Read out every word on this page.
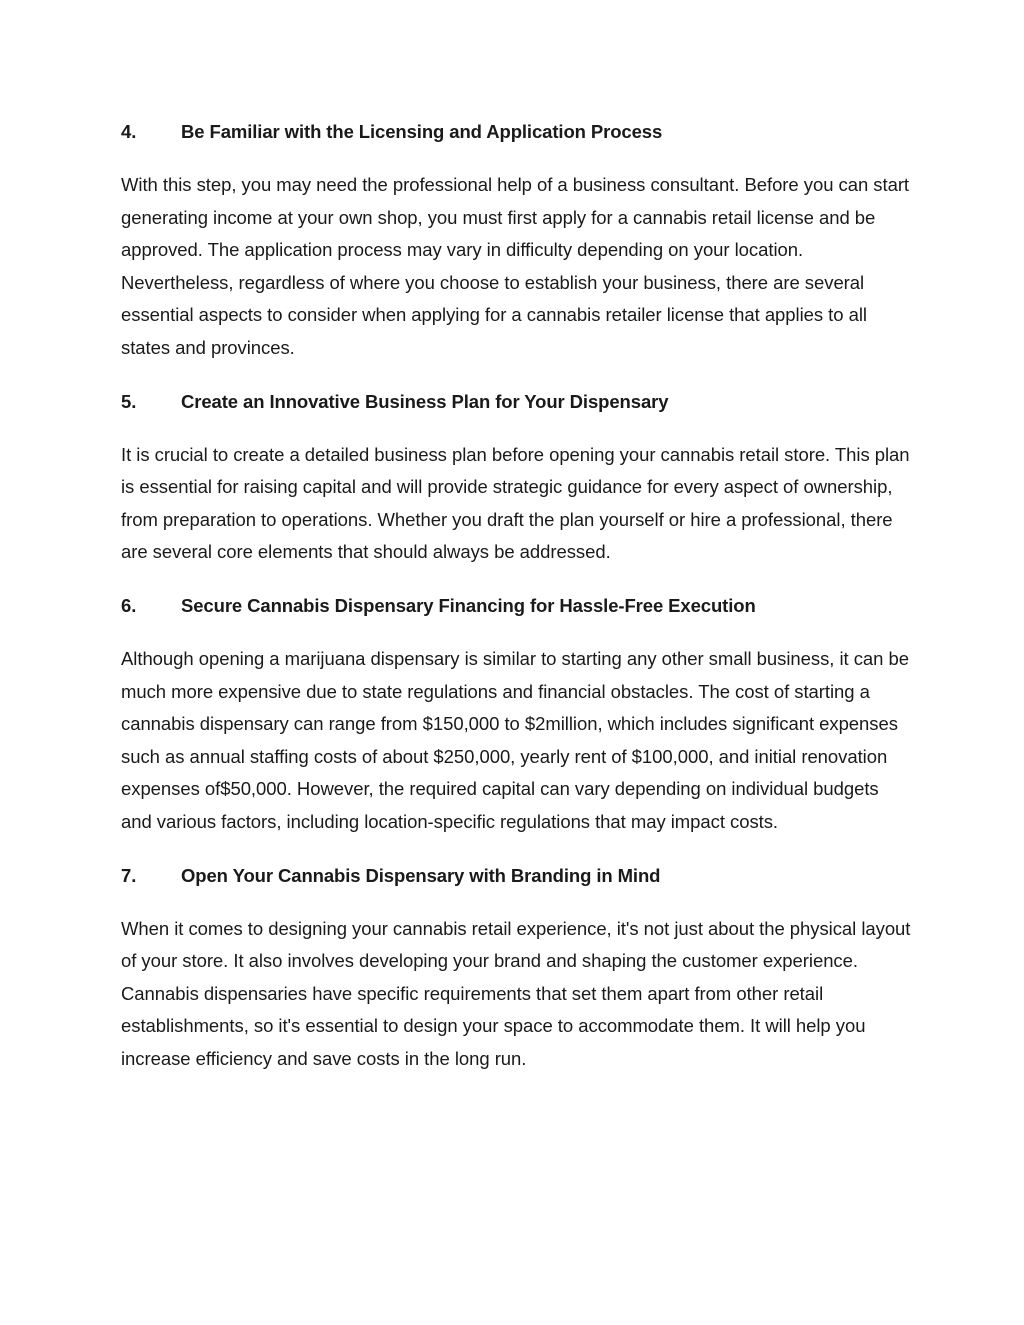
4.	Be Familiar with the Licensing and Application Process

With this step, you may need the professional help of a business consultant. Before you can start generating income at your own shop, you must first apply for a cannabis retail license and be approved. The application process may vary in difficulty depending on your location. Nevertheless, regardless of where you choose to establish your business, there are several essential aspects to consider when applying for a cannabis retailer license that applies to all states and provinces.

5.	Create an Innovative Business Plan for Your Dispensary

It is crucial to create a detailed business plan before opening your cannabis retail store. This plan is essential for raising capital and will provide strategic guidance for every aspect of ownership, from preparation to operations. Whether you draft the plan yourself or hire a professional, there are several core elements that should always be addressed.

6.	Secure Cannabis Dispensary Financing for Hassle-Free Execution

Although opening a marijuana dispensary is similar to starting any other small business, it can be much more expensive due to state regulations and financial obstacles. The cost of starting a cannabis dispensary can range from $150,000 to $2million, which includes significant expenses such as annual staffing costs of about $250,000, yearly rent of $100,000, and initial renovation expenses of$50,000. However, the required capital can vary depending on individual budgets and various factors, including location-specific regulations that may impact costs.

7.	Open Your Cannabis Dispensary with Branding in Mind

When it comes to designing your cannabis retail experience, it's not just about the physical layout of your store. It also involves developing your brand and shaping the customer experience.

Cannabis dispensaries have specific requirements that set them apart from other retail establishments, so it's essential to design your space to accommodate them. It will help you increase efficiency and save costs in the long run.
